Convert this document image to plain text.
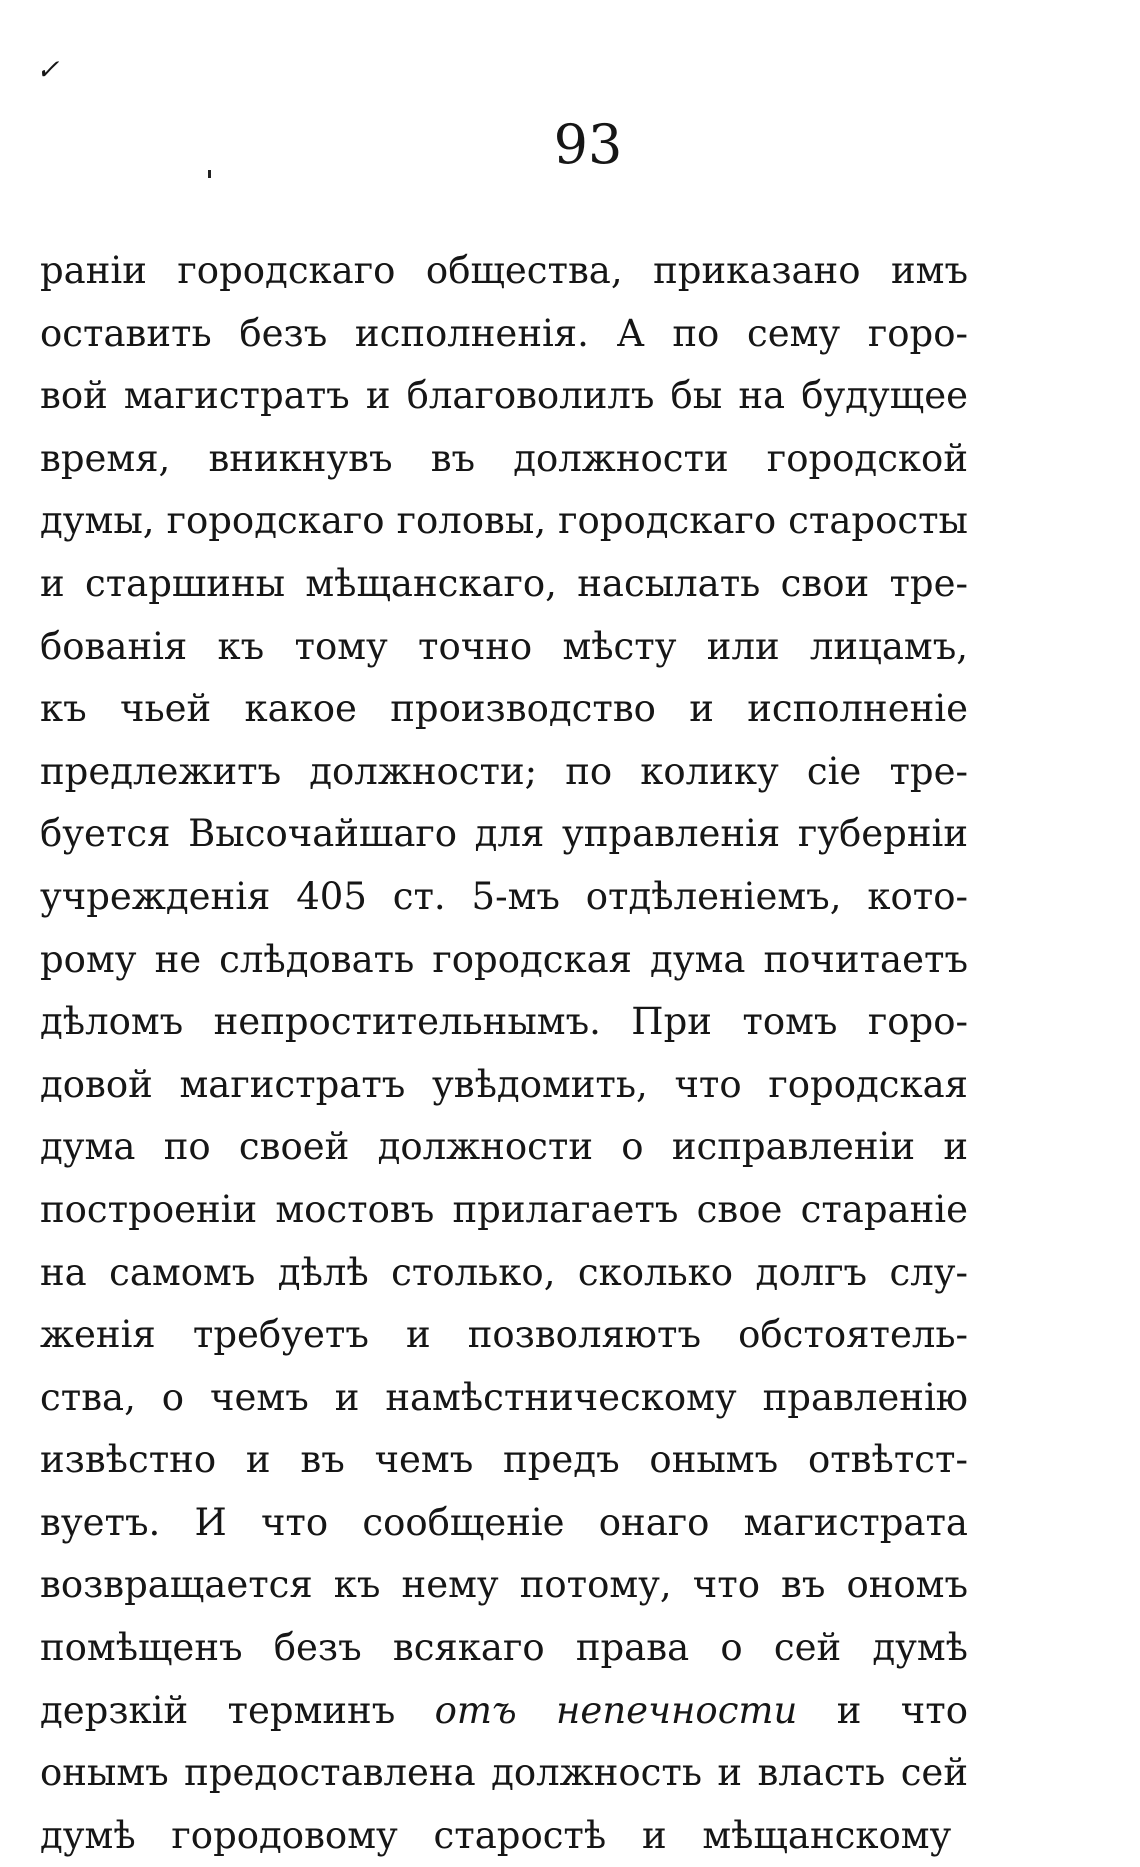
✓
93
раніи городскаго общества, приказано имъ
оставить безъ исполненія. А по сему горо-
вой магистратъ и благоволилъ бы на будущее
время, вникнувъ въ должности городской
думы, городскаго головы, городскаго старосты
и старшины мѣщанскаго, насылать свои тре-
бованія къ тому точно мѣсту или лицамъ,
къ чьей какое производство и исполненіе
предлежитъ должности; по колику сіе тре-
буется Высочайшаго для управленія губерніи
учрежденія 405 ст. 5-мъ отдѣленіемъ, кото-
рому не слѣдовать городская дума почитаетъ
дѣломъ непростительнымъ. При томъ горо-
довой магистратъ увѣдомить, что городская
дума по своей должности о исправленіи и
построеніи мостовъ прилагаетъ свое стараніе
на самомъ дѣлѣ столько, сколько долгъ слу-
женія требуетъ и позволяютъ обстоятель-
ства, о чемъ и намѣстническому правленію
извѣстно и въ чемъ предъ онымъ отвѣтст-
вуетъ. И что сообщеніе онаго магистрата
возвращается къ нему потому, что въ ономъ
помѣщенъ безъ всякаго права о сей думѣ
дерзкій терминъ отъ непечности и что
онымъ предоставлена должность и власть сей
думѣ городовому старостѣ и мѣщанскому
